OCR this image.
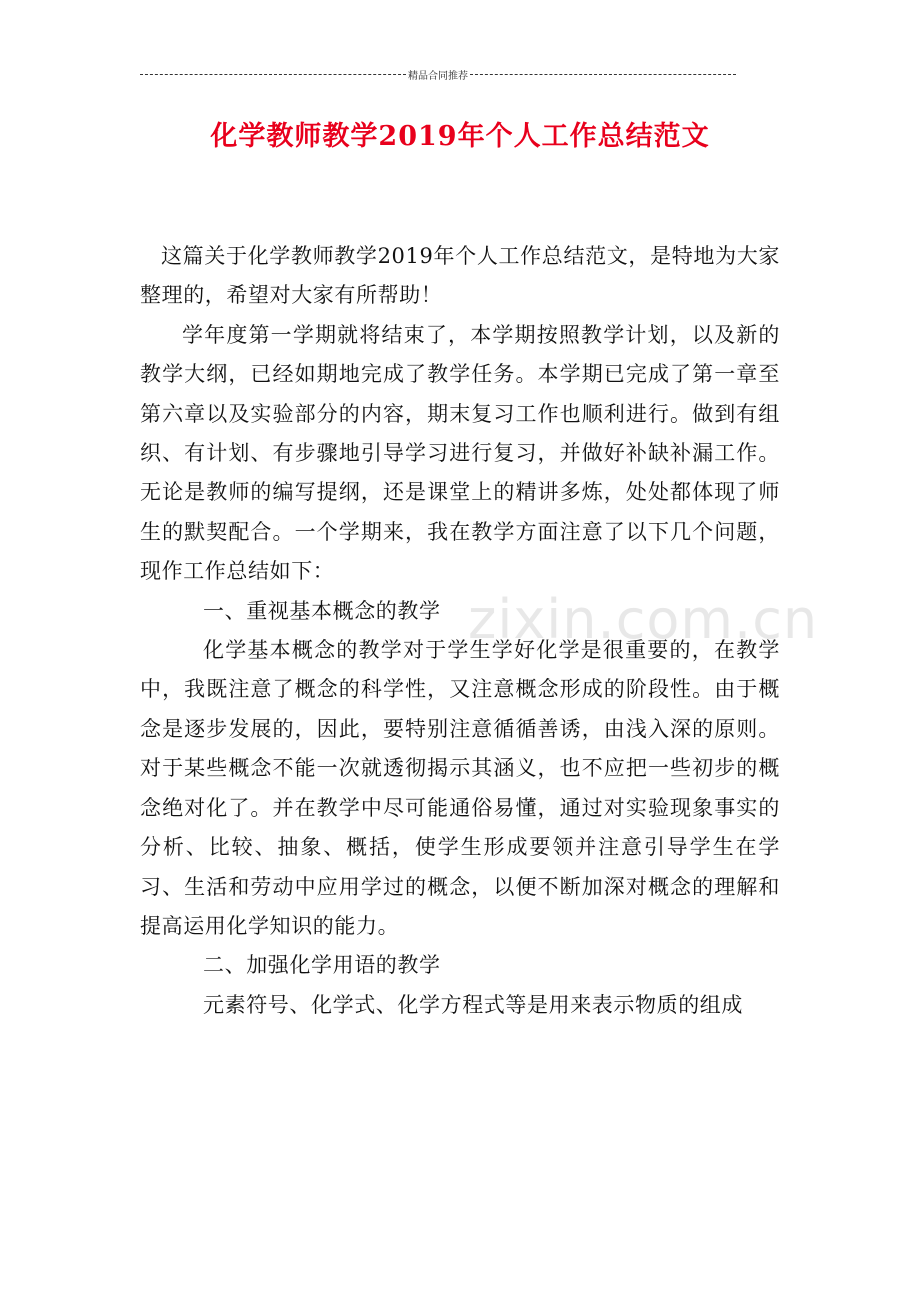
精品合同推荐
化学教师教学2019年个人工作总结范文

这篇关于化学教师教学2019年个人工作总结范文，是特地为大家整理的，希望对大家有所帮助！

学年度第一学期就将结束了，本学期按照教学计划，以及新的教学大纲，已经如期地完成了教学任务。本学期已完成了第一章至第六章以及实验部分的内容，期末复习工作也顺利进行。做到有组织、有计划、有步骤地引导学习进行复习，并做好补缺补漏工作。无论是教师的编写提纲，还是课堂上的精讲多炼，处处都体现了师生的默契配合。一个学期来，我在教学方面注意了以下几个问题，现作工作总结如下：

一、重视基本概念的教学

化学基本概念的教学对于学生学好化学是很重要的，在教学中，我既注意了概念的科学性，又注意概念形成的阶段性。由于概念是逐步发展的，因此，要特别注意循循善诱，由浅入深的原则。对于某些概念不能一次就透彻揭示其涵义，也不应把一些初步的概念绝对化了。并在教学中尽可能通俗易懂，通过对实验现象事实的分析、比较、抽象、概括，使学生形成要领并注意引导学生在学习、生活和劳动中应用学过的概念，以便不断加深对概念的理解和提高运用化学知识的能力。

二、加强化学用语的教学

元素符号、化学式、化学方程式等是用来表示物质的组成

zixin.com.cn
